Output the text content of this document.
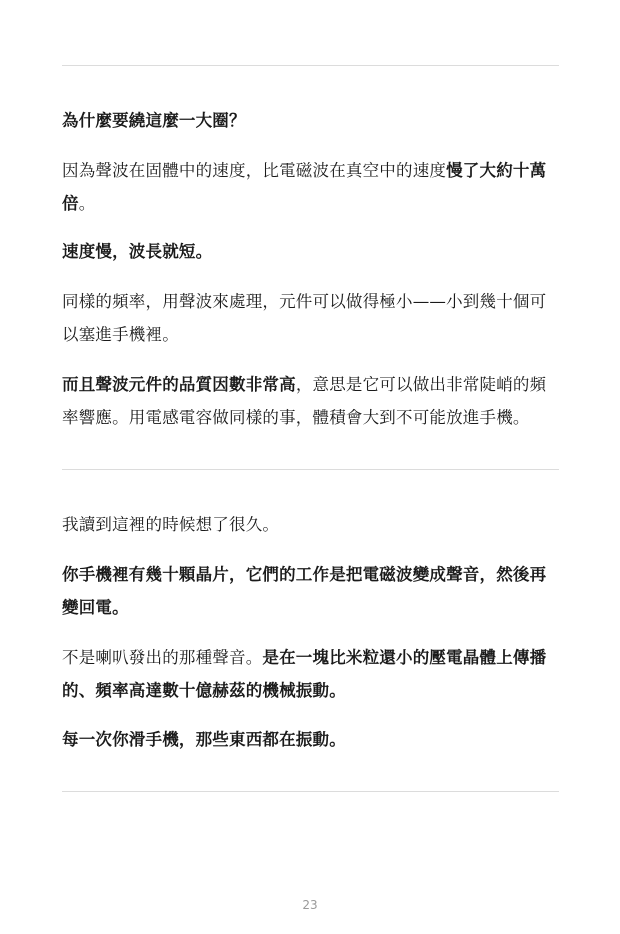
為什麼要繞這麼一大圈？

因為聲波在固體中的速度，比電磁波在真空中的速度慢了大約十萬倍。

速度慢，波長就短。

同樣的頻率，用聲波來處理，元件可以做得極小——小到幾十個可以塞進手機裡。

而且聲波元件的品質因數非常高，意思是它可以做出非常陡峭的頻率響應。用電感電容做同樣的事，體積會大到不可能放進手機。

我讀到這裡的時候想了很久。

你手機裡有幾十顆晶片，它們的工作是把電磁波變成聲音，然後再變回電。

不是喇叭發出的那種聲音。是在一塊比米粒還小的壓電晶體上傳播的、頻率高達數十億赫茲的機械振動。

每一次你滑手機，那些東西都在振動。

23
